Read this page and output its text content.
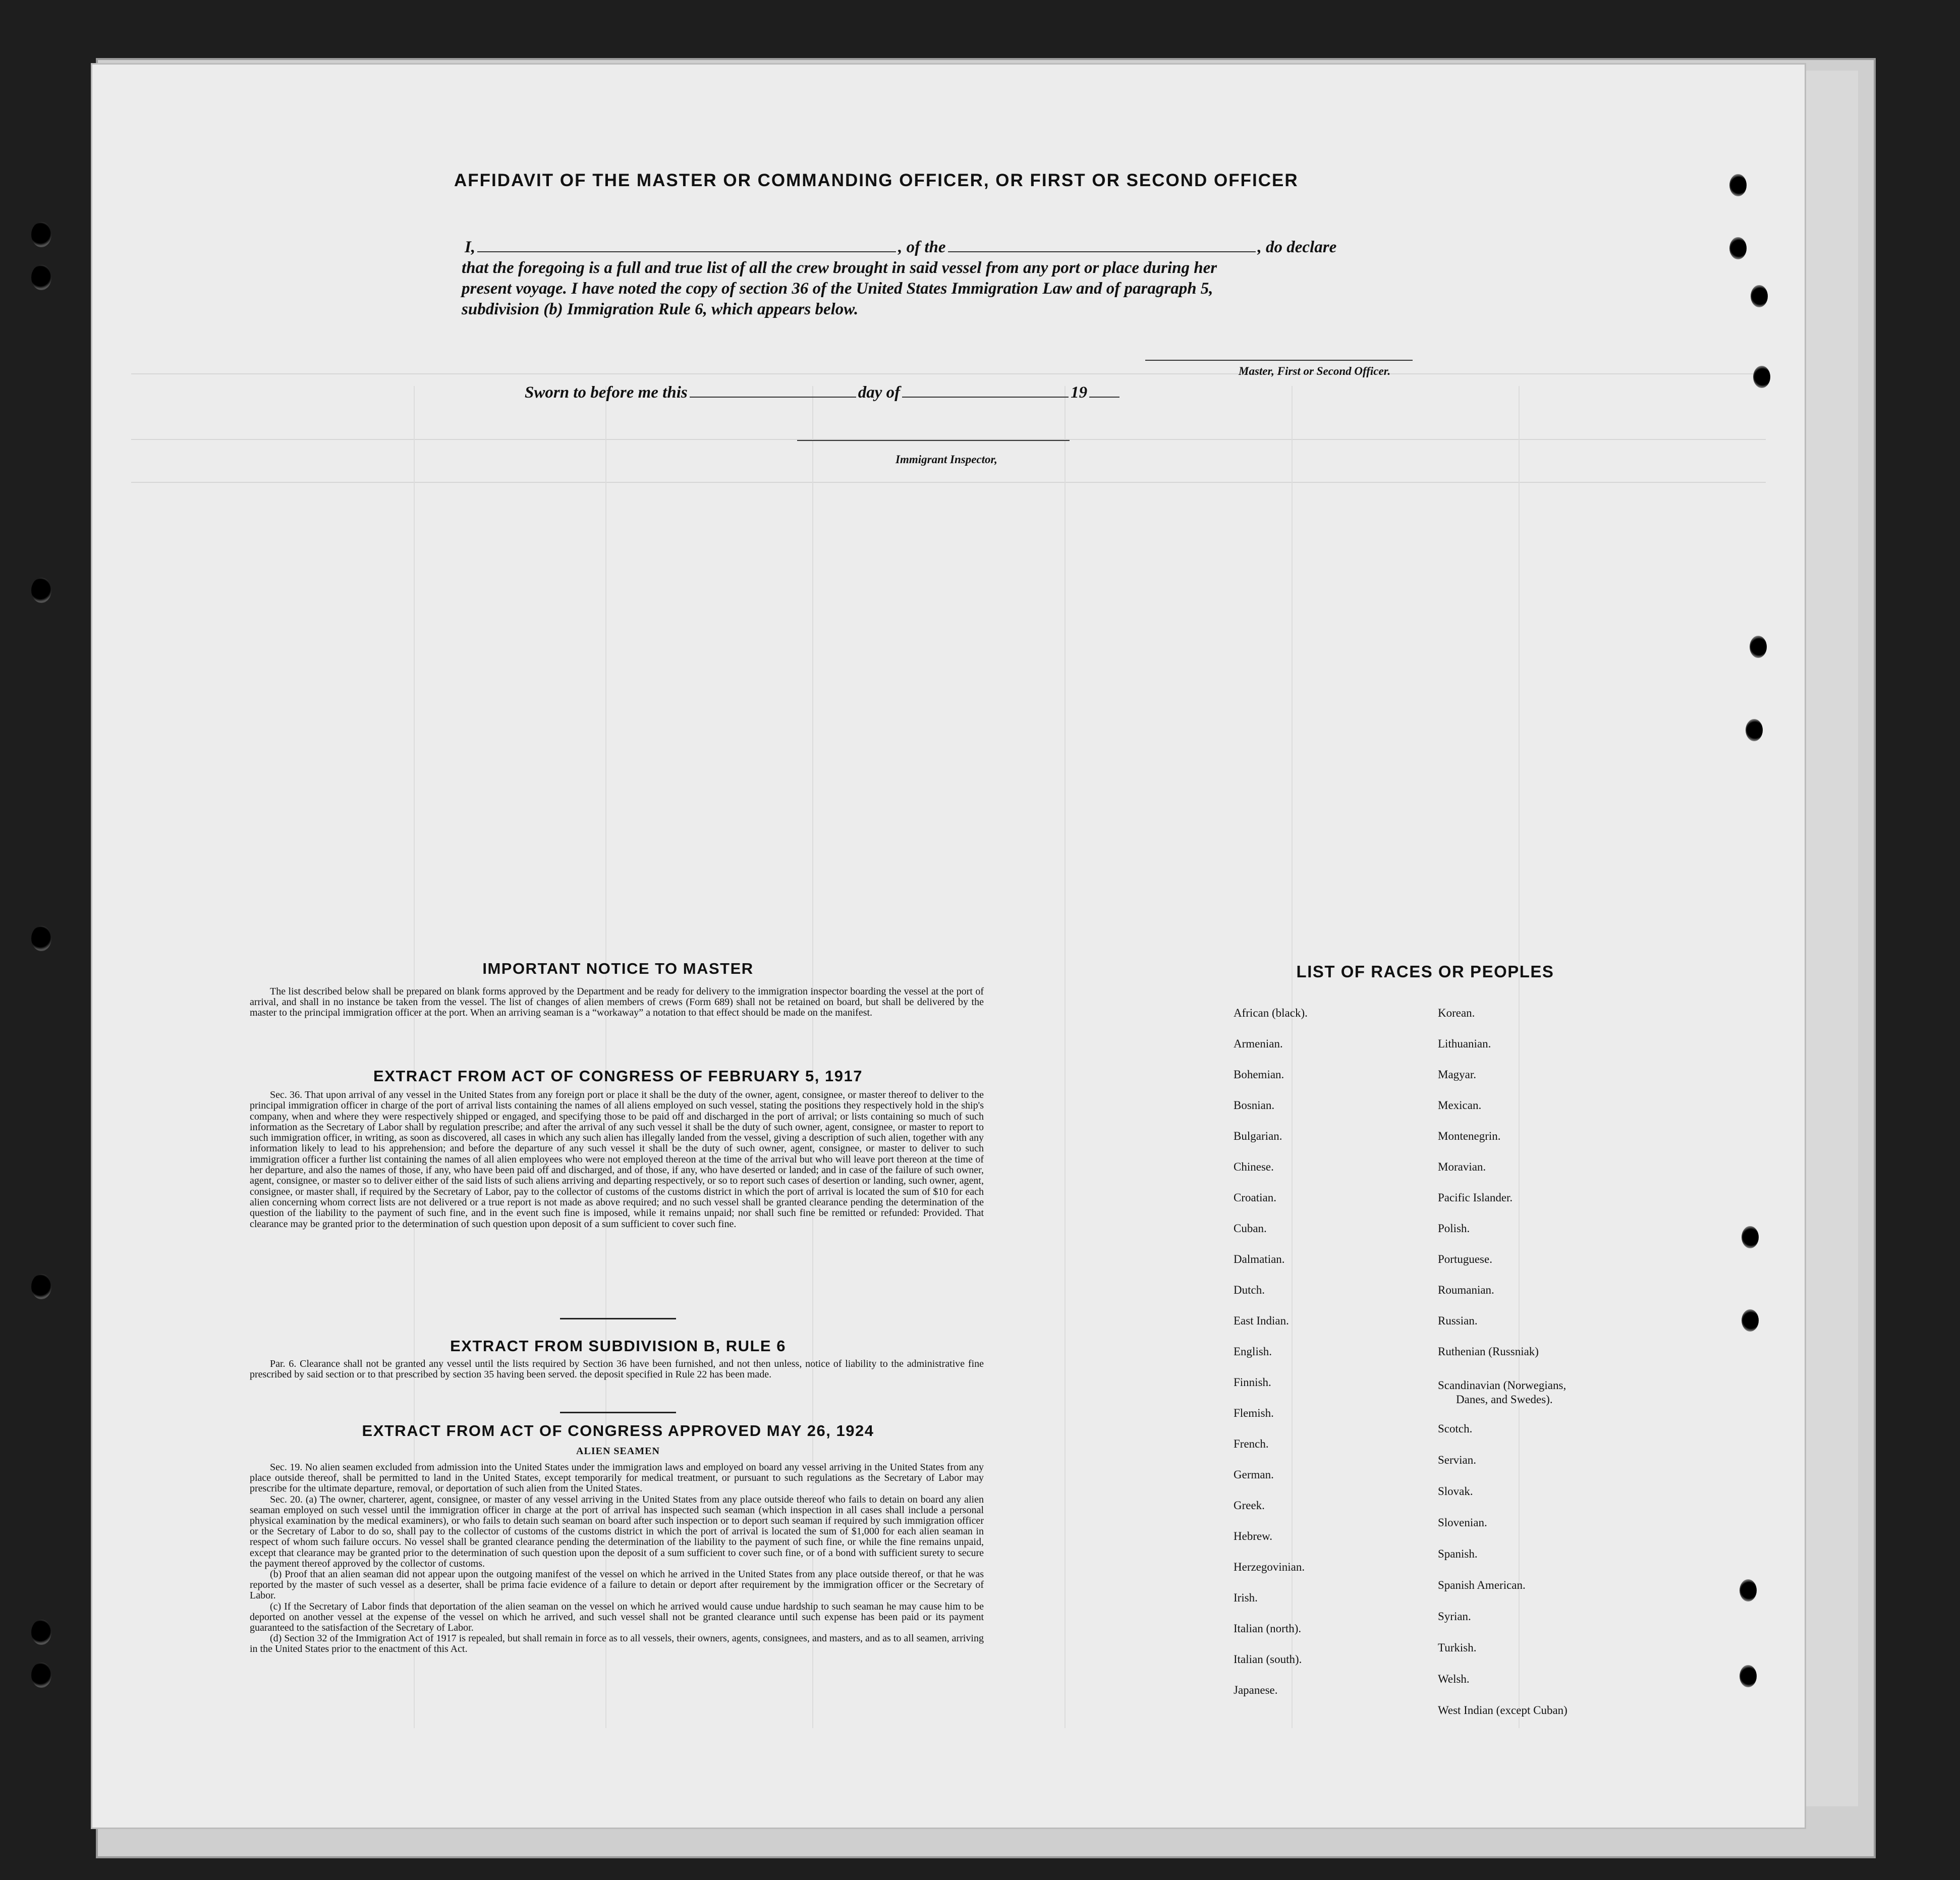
AFFIDAVIT OF THE MASTER OR COMMANDING OFFICER, OR FIRST OR SECOND OFFICER
I,	, of the	, do declare
that the foregoing is a full and true list of all the crew brought in said vessel from any port or place during her
present voyage. I have noted the copy of section 36 of the United States Immigration Law and of paragraph 5,
subdivision (b) Immigration Rule 6, which appears below.
Master, First or Second Officer.
Sworn to before me this	day of	19
Immigrant Inspector,
IMPORTANT NOTICE TO MASTER
The list described below shall be prepared on blank forms approved by the Department and be ready for delivery to the immigration inspector boarding the vessel at the port of arrival, and shall in no instance be taken from the vessel. The list of changes of alien members of crews (Form 689) shall not be retained on board, but shall be delivered by the master to the principal immigration officer at the port. When an arriving seaman is a “workaway” a notation to that effect should be made on the manifest.
EXTRACT FROM ACT OF CONGRESS OF FEBRUARY 5, 1917
Sec. 36. That upon arrival of any vessel in the United States from any foreign port or place it shall be the duty of the owner, agent, consignee, or master thereof to deliver to the principal immigration officer in charge of the port of arrival lists containing the names of all aliens employed on such vessel, stating the positions they respectively hold in the ship's company, when and where they were respectively shipped or engaged, and specifying those to be paid off and discharged in the port of arrival; or lists containing so much of such information as the Secretary of Labor shall by regulation prescribe; and after the arrival of any such vessel it shall be the duty of such owner, agent, consignee, or master to report to such immigration officer, in writing, as soon as discovered, all cases in which any such alien has illegally landed from the vessel, giving a description of such alien, together with any information likely to lead to his apprehension; and before the departure of any such vessel it shall be the duty of such owner, agent, consignee, or master to deliver to such immigration officer a further list containing the names of all alien employees who were not employed thereon at the time of the arrival but who will leave port thereon at the time of her departure, and also the names of those, if any, who have been paid off and discharged, and of those, if any, who have deserted or landed; and in case of the failure of such owner, agent, consignee, or master so to deliver either of the said lists of such aliens arriving and departing respectively, or so to report such cases of desertion or landing, such owner, agent, consignee, or master shall, if required by the Secretary of Labor, pay to the collector of customs of the customs district in which the port of arrival is located the sum of $10 for each alien concerning whom correct lists are not delivered or a true report is not made as above required; and no such vessel shall be granted clearance pending the determination of the question of the liability to the payment of such fine, and in the event such fine is imposed, while it remains unpaid; nor shall such fine be remitted or refunded: Provided. That clearance may be granted prior to the determination of such question upon deposit of a sum sufficient to cover such fine.
EXTRACT FROM SUBDIVISION B, RULE 6
Par. 6. Clearance shall not be granted any vessel until the lists required by Section 36 have been furnished, and not then unless, notice of liability to the administrative fine prescribed by said section or to that prescribed by section 35 having been served. the deposit specified in Rule 22 has been made.
EXTRACT FROM ACT OF CONGRESS APPROVED MAY 26, 1924
ALIEN SEAMEN

Sec. 19. No alien seamen excluded from admission into the United States under the immigration laws and employed on board any vessel arriving in the United States from any place outside thereof, shall be permitted to land in the United States, except temporarily for medical treatment, or pursuant to such regulations as the Secretary of Labor may prescribe for the ultimate departure, removal, or deportation of such alien from the United States.

Sec. 20. (a) The owner, charterer, agent, consignee, or master of any vessel arriving in the United States from any place outside thereof who fails to detain on board any alien seaman employed on such vessel until the immigration officer in charge at the port of arrival has inspected such seaman (which inspection in all cases shall include a personal physical examination by the medical examiners), or who fails to detain such seaman on board after such inspection or to deport such seaman if required by such immigration officer or the Secretary of Labor to do so, shall pay to the collector of customs of the customs district in which the port of arrival is located the sum of $1,000 for each alien seaman in respect of whom such failure occurs. No vessel shall be granted clearance pending the determination of the liability to the payment of such fine, or while the fine remains unpaid, except that clearance may be granted prior to the determination of such question upon the deposit of a sum sufficient to cover such fine, or of a bond with sufficient surety to secure the payment thereof approved by the collector of customs.

(b) Proof that an alien seaman did not appear upon the outgoing manifest of the vessel on which he arrived in the United States from any place outside thereof, or that he was reported by the master of such vessel as a deserter, shall be prima facie evidence of a failure to detain or deport after requirement by the immigration officer or the Secretary of Labor.

(c) If the Secretary of Labor finds that deportation of the alien seaman on the vessel on which he arrived would cause undue hardship to such seaman he may cause him to be deported on another vessel at the expense of the vessel on which he arrived, and such vessel shall not be granted clearance until such expense has been paid or its payment guaranteed to the satisfaction of the Secretary of Labor.

(d) Section 32 of the Immigration Act of 1917 is repealed, but shall remain in force as to all vessels, their owners, agents, consignees, and masters, and as to all seamen, arriving in the United States prior to the enactment of this Act.

LIST OF RACES OR PEOPLES
African (black).
Armenian.
Bohemian.
Bosnian.
Bulgarian.
Chinese.
Croatian.
Cuban.
Dalmatian.
Dutch.
East Indian.
English.
Finnish.
Flemish.
French.
German.
Greek.
Hebrew.
Herzegovinian.
Irish.
Italian (north).
Italian (south).
Japanese.
Korean.
Lithuanian.
Magyar.
Mexican.
Montenegrin.
Moravian.
Pacific Islander.
Polish.
Portuguese.
Roumanian.
Russian.
Ruthenian (Russniak)
Scandinavian (Norwegians,
Danes, and Swedes).
Scotch.
Servian.
Slovak.
Slovenian.
Spanish.
Spanish American.
Syrian.
Turkish.
Welsh.
West Indian (except Cuban)
